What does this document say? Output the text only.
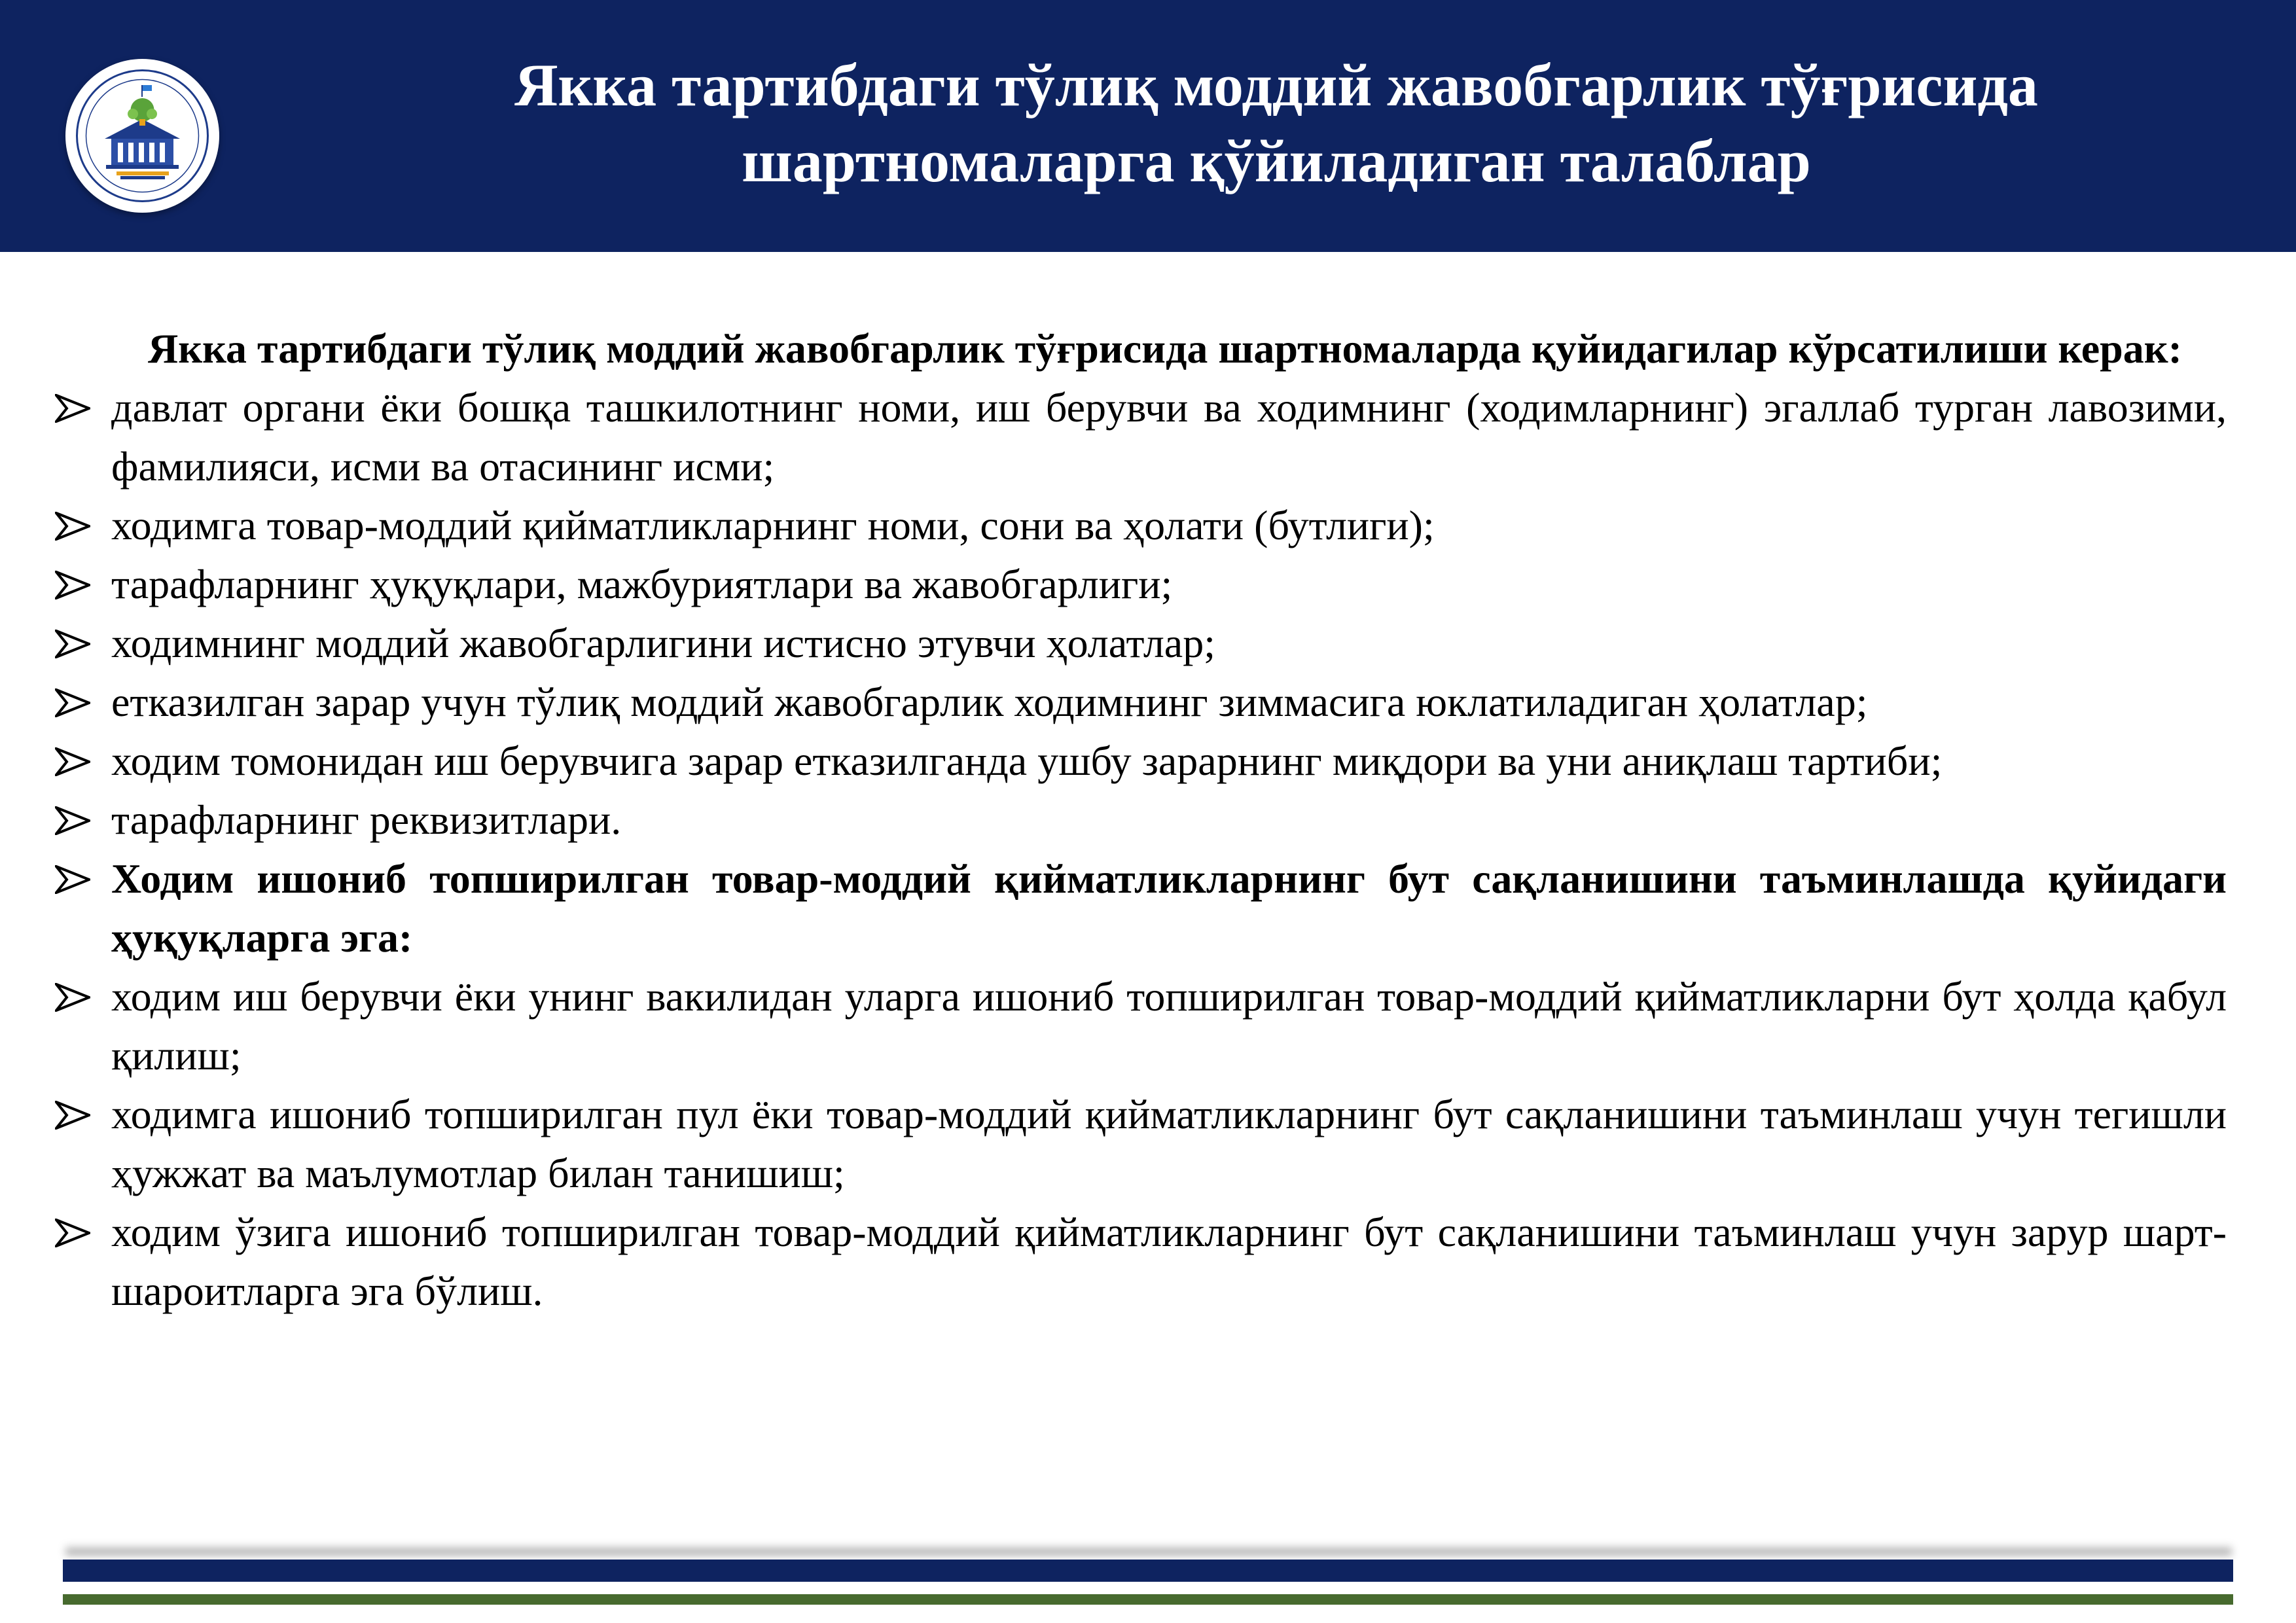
Якка тартибдаги тўлиқ моддий жавобгарлик тўғрисида
шартномаларга қўйиладиган талаблар

Якка тартибдаги тўлиқ моддий жавобгарлик тўғрисида шартномаларда қуйидагилар кўрсатилиши керак:

давлат органи ёки бошқа ташкилотнинг номи, иш берувчи ва ходимнинг (ходимларнинг) эгаллаб турган лавозими, фамилияси, исми ва отасининг исми;

ходимга товар-моддий қийматликларнинг номи, сони ва ҳолати (бутлиги);

тарафларнинг ҳуқуқлари, мажбуриятлари ва жавобгарлиги;

ходимнинг моддий жавобгарлигини истисно этувчи ҳолатлар;

етказилган зарар учун тўлиқ моддий жавобгарлик ходимнинг зиммасига юклатиладиган ҳолатлар;

ходим томонидан иш берувчига зарар етказилганда ушбу зарарнинг миқдори ва уни аниқлаш тартиби;

тарафларнинг реквизитлари.

Ходим ишониб топширилган товар-моддий қийматликларнинг бут сақланишини таъминлашда қуйидаги ҳуқуқларга эга:

ходим иш берувчи ёки унинг вакилидан уларга ишониб топширилган товар-моддий қийматликларни бут ҳолда қабул қилиш;

ходимга ишониб топширилган пул ёки товар-моддий қийматликларнинг бут сақланишини таъминлаш учун тегишли ҳужжат ва маълумотлар билан танишиш;

ходим ўзига ишониб топширилган товар-моддий қийматликларнинг бут сақланишини таъминлаш учун зарур шарт-шароитларга эга бўлиш.
